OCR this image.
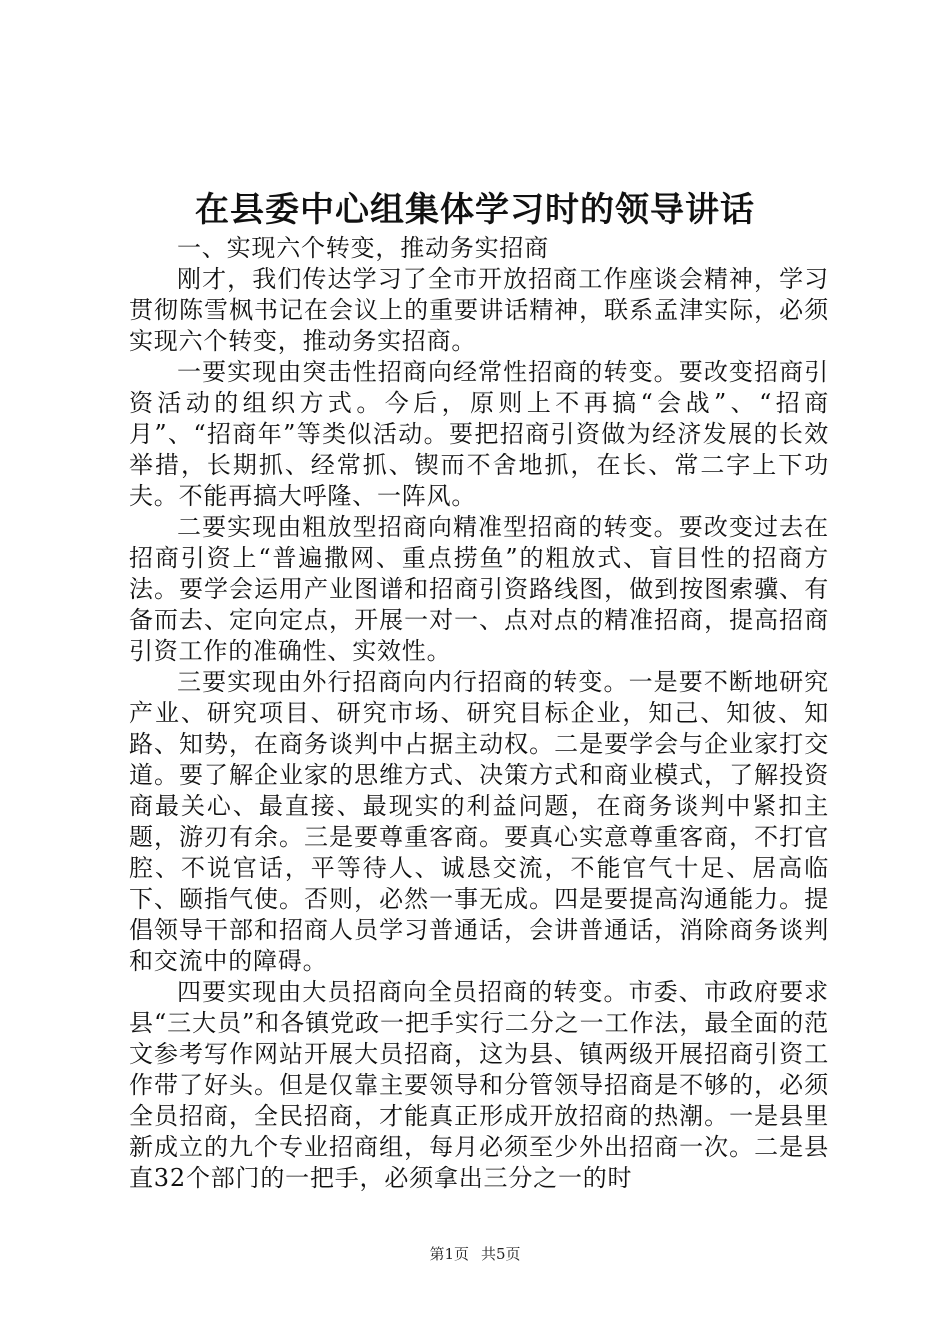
在县委中心组集体学习时的领导讲话

一、实现六个转变，推动务实招商

刚才，我们传达学习了全市开放招商工作座谈会精神，学习贯彻陈雪枫书记在会议上的重要讲话精神，联系孟津实际，必须实现六个转变，推动务实招商。

一要实现由突击性招商向经常性招商的转变。要改变招商引资活动的组织方式。今后，原则上不再搞“会战”、“招商月”、“招商年”等类似活动。要把招商引资做为经济发展的长效举措，长期抓、经常抓、锲而不舍地抓，在长、常二字上下功夫。不能再搞大呼隆、一阵风。

二要实现由粗放型招商向精准型招商的转变。要改变过去在招商引资上“普遍撒网、重点捞鱼”的粗放式、盲目性的招商方法。要学会运用产业图谱和招商引资路线图，做到按图索骥、有备而去、定向定点，开展一对一、点对点的精准招商，提高招商引资工作的准确性、实效性。

三要实现由外行招商向内行招商的转变。一是要不断地研究产业、研究项目、研究市场、研究目标企业，知己、知彼、知路、知势，在商务谈判中占据主动权。二是要学会与企业家打交道。要了解企业家的思维方式、决策方式和商业模式，了解投资商最关心、最直接、最现实的利益问题，在商务谈判中紧扣主题，游刃有余。三是要尊重客商。要真心实意尊重客商，不打官腔、不说官话，平等待人、诚恳交流，不能官气十足、居高临下、颐指气使。否则，必然一事无成。四是要提高沟通能力。提倡领导干部和招商人员学习普通话，会讲普通话，消除商务谈判和交流中的障碍。

四要实现由大员招商向全员招商的转变。市委、市政府要求县“三大员”和各镇党政一把手实行二分之一工作法，最全面的范文参考写作网站开展大员招商，这为县、镇两级开展招商引资工作带了好头。但是仅靠主要领导和分管领导招商是不够的，必须全员招商，全民招商，才能真正形成开放招商的热潮。一是县里新成立的九个专业招商组，每月必须至少外出招商一次。二是县直32个部门的一把手，必须拿出三分之一的时

第1页 共5页
